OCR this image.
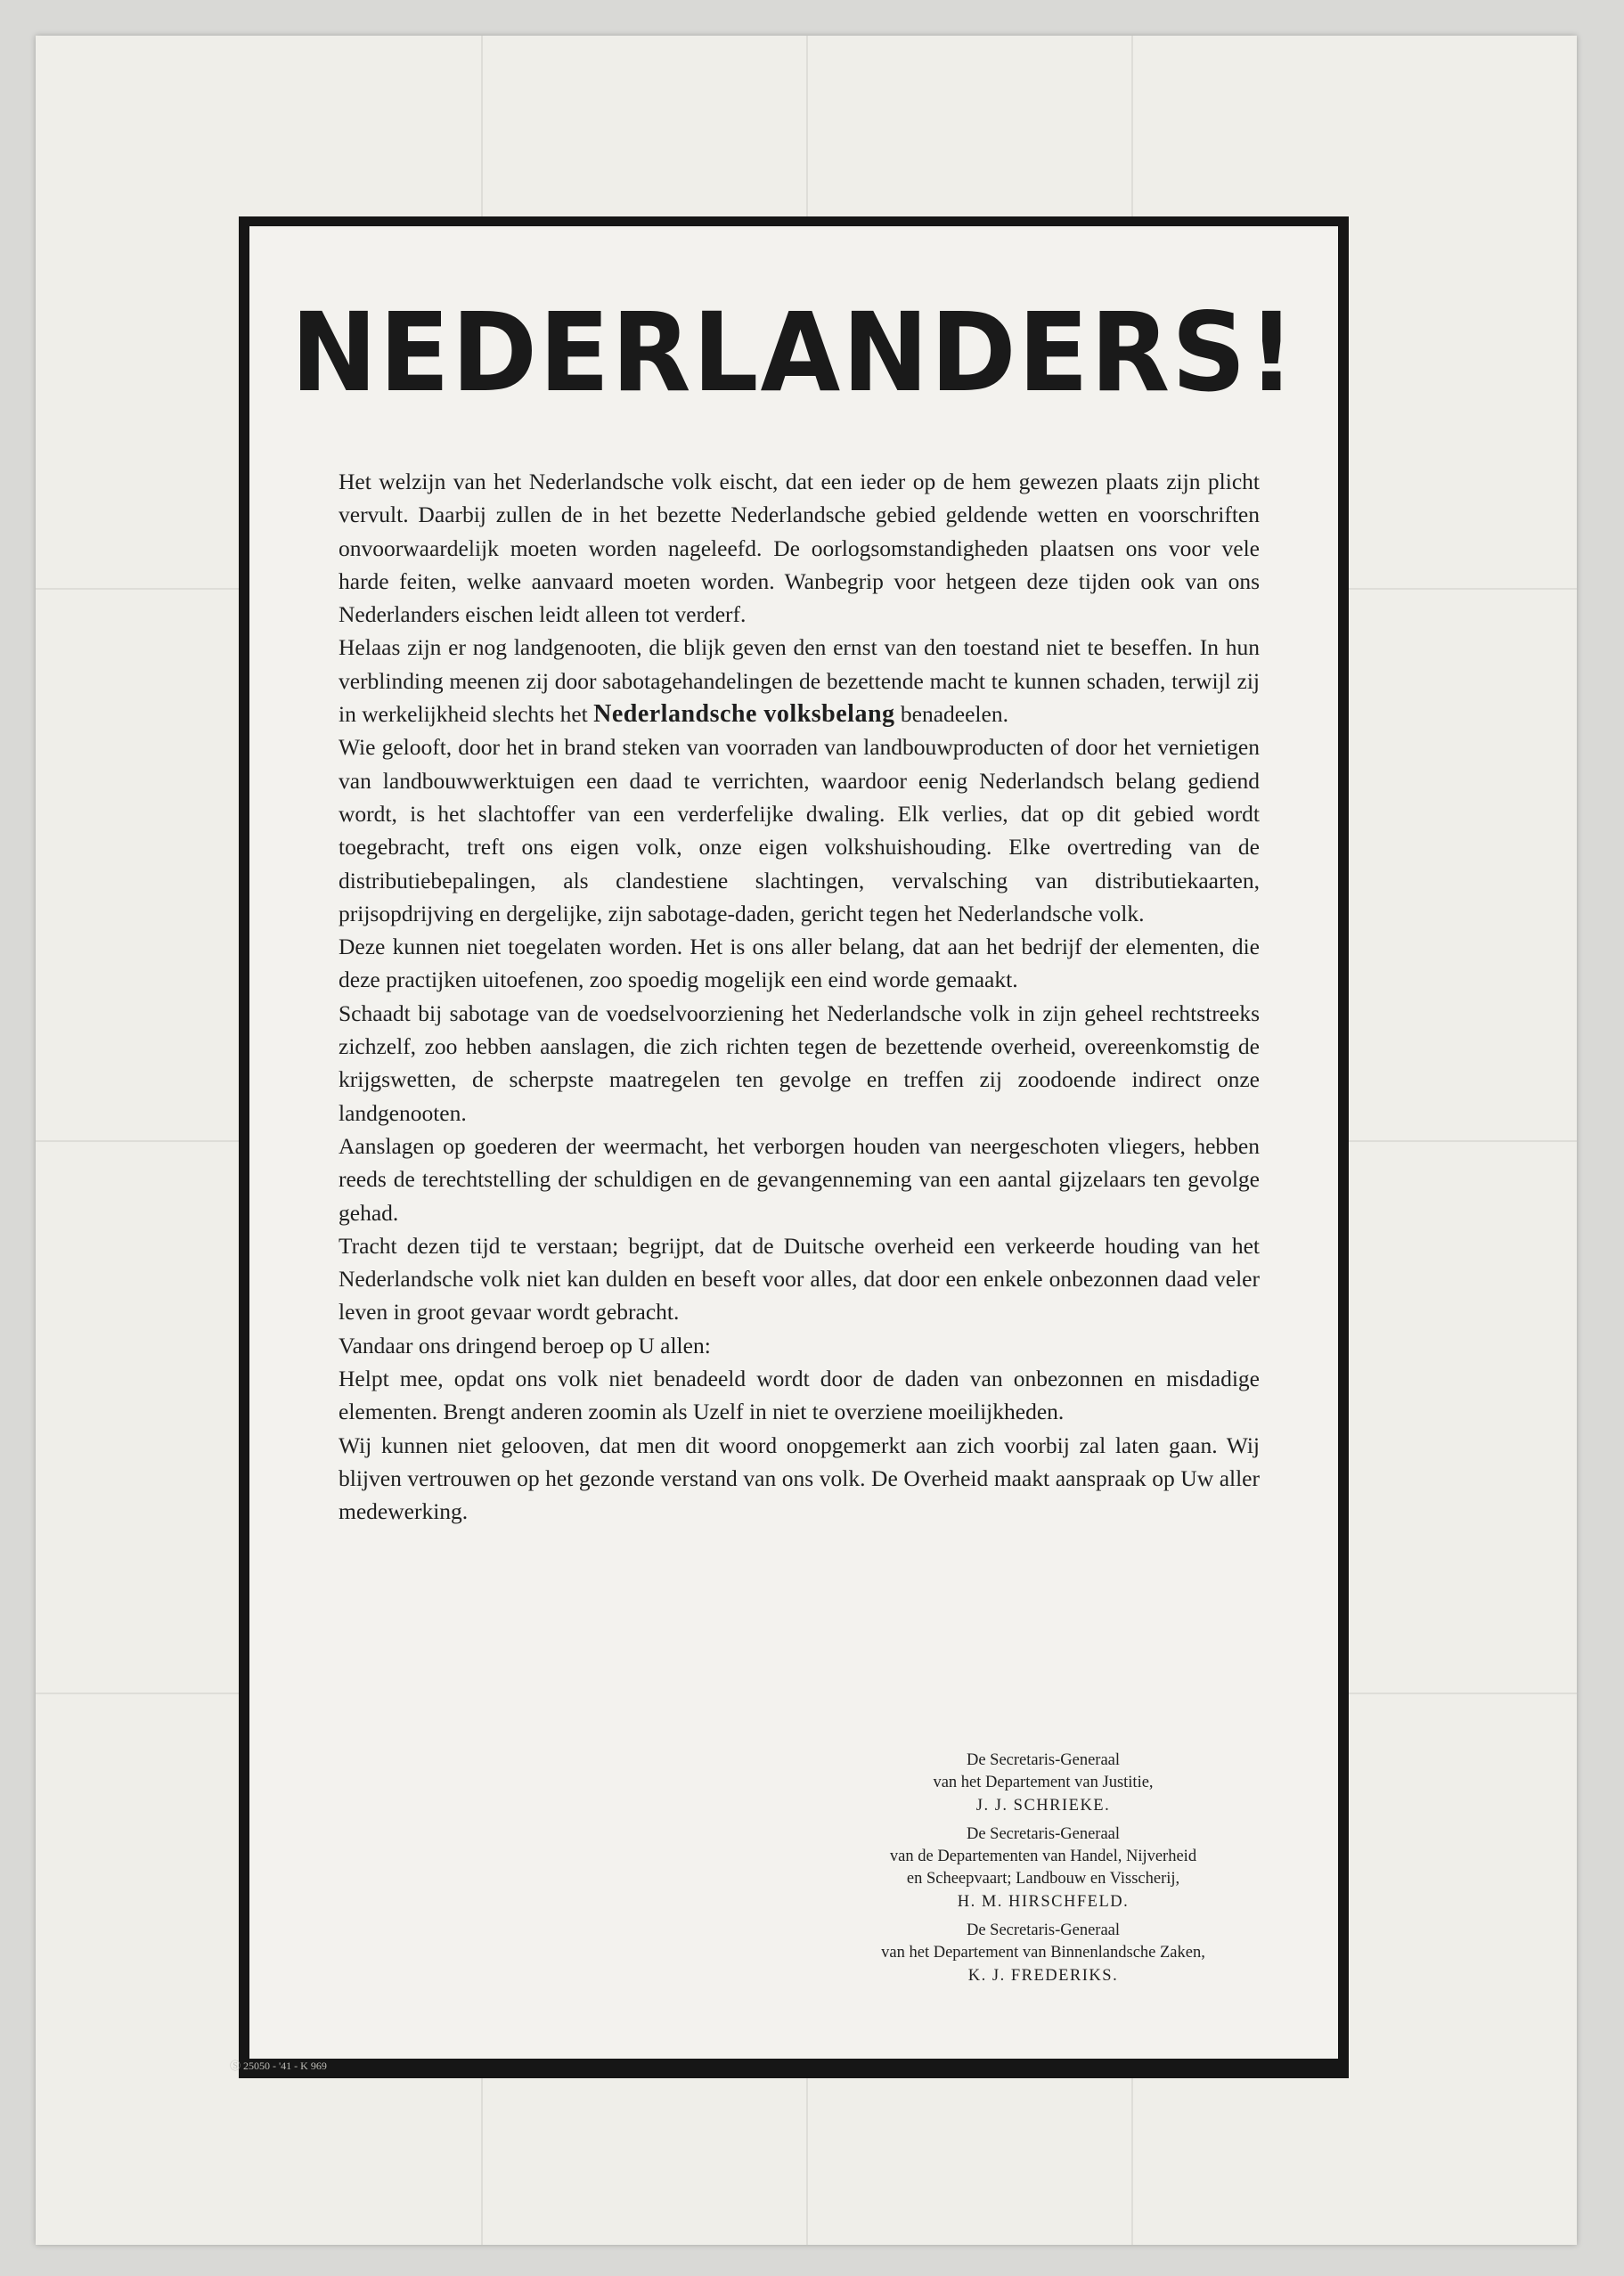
NEDERLANDERS!

Het welzijn van het Nederlandsche volk eischt, dat een ieder op de hem gewezen plaats zijn plicht vervult. Daarbij zullen de in het bezette Nederlandsche gebied geldende wetten en voorschriften onvoorwaardelijk moeten worden nageleefd. De oorlogsomstandigheden plaatsen ons voor vele harde feiten, welke aanvaard moeten worden. Wanbegrip voor hetgeen deze tijden ook van ons Nederlanders eischen leidt alleen tot verderf.

Helaas zijn er nog landgenooten, die blijk geven den ernst van den toestand niet te beseffen. In hun verblinding meenen zij door sabotagehandelingen de bezettende macht te kunnen schaden, terwijl zij in werkelijkheid slechts het Nederlandsche volksbelang benadeelen.

Wie gelooft, door het in brand steken van voorraden van landbouwproducten of door het vernietigen van landbouwwerktuigen een daad te verrichten, waardoor eenig Nederlandsch belang gediend wordt, is het slachtoffer van een verderfelijke dwaling. Elk verlies, dat op dit gebied wordt toegebracht, treft ons eigen volk, onze eigen volkshuishouding. Elke overtreding van de distributiebepalingen, als clandestiene slachtingen, vervalsching van distributiekaarten, prijsopdrijving en dergelijke, zijn sabotage-daden, gericht tegen het Nederlandsche volk.

Deze kunnen niet toegelaten worden. Het is ons aller belang, dat aan het bedrijf der elementen, die deze practijken uitoefenen, zoo spoedig mogelijk een eind worde gemaakt.

Schaadt bij sabotage van de voedselvoorziening het Nederlandsche volk in zijn geheel rechtstreeks zichzelf, zoo hebben aanslagen, die zich richten tegen de bezettende overheid, overeenkomstig de krijgswetten, de scherpste maatregelen ten gevolge en treffen zij zoodoende indirect onze landgenooten.

Aanslagen op goederen der weermacht, het verborgen houden van neergeschoten vliegers, hebben reeds de terechtstelling der schuldigen en de gevangenneming van een aantal gijzelaars ten gevolge gehad.

Tracht dezen tijd te verstaan; begrijpt, dat de Duitsche overheid een verkeerde houding van het Nederlandsche volk niet kan dulden en beseft voor alles, dat door een enkele onbezonnen daad veler leven in groot gevaar wordt gebracht.

Vandaar ons dringend beroep op U allen:

Helpt mee, opdat ons volk niet benadeeld wordt door de daden van onbezonnen en misdadige elementen. Brengt anderen zoomin als Uzelf in niet te overziene moeilijkheden.

Wij kunnen niet gelooven, dat men dit woord onopgemerkt aan zich voorbij zal laten gaan. Wij blijven vertrouwen op het gezonde verstand van ons volk. De Overheid maakt aanspraak op Uw aller medewerking.

De Secretaris-Generaal
van het Departement van Justitie,
J. J. SCHRIEKE.
De Secretaris-Generaal
van de Departementen van Handel, Nijverheid
en Scheepvaart; Landbouw en Visscherij,
H. M. HIRSCHFELD.
De Secretaris-Generaal
van het Departement van Binnenlandsche Zaken,
K. J. FREDERIKS.
Ⓢ 25050 - '41 - K 969
